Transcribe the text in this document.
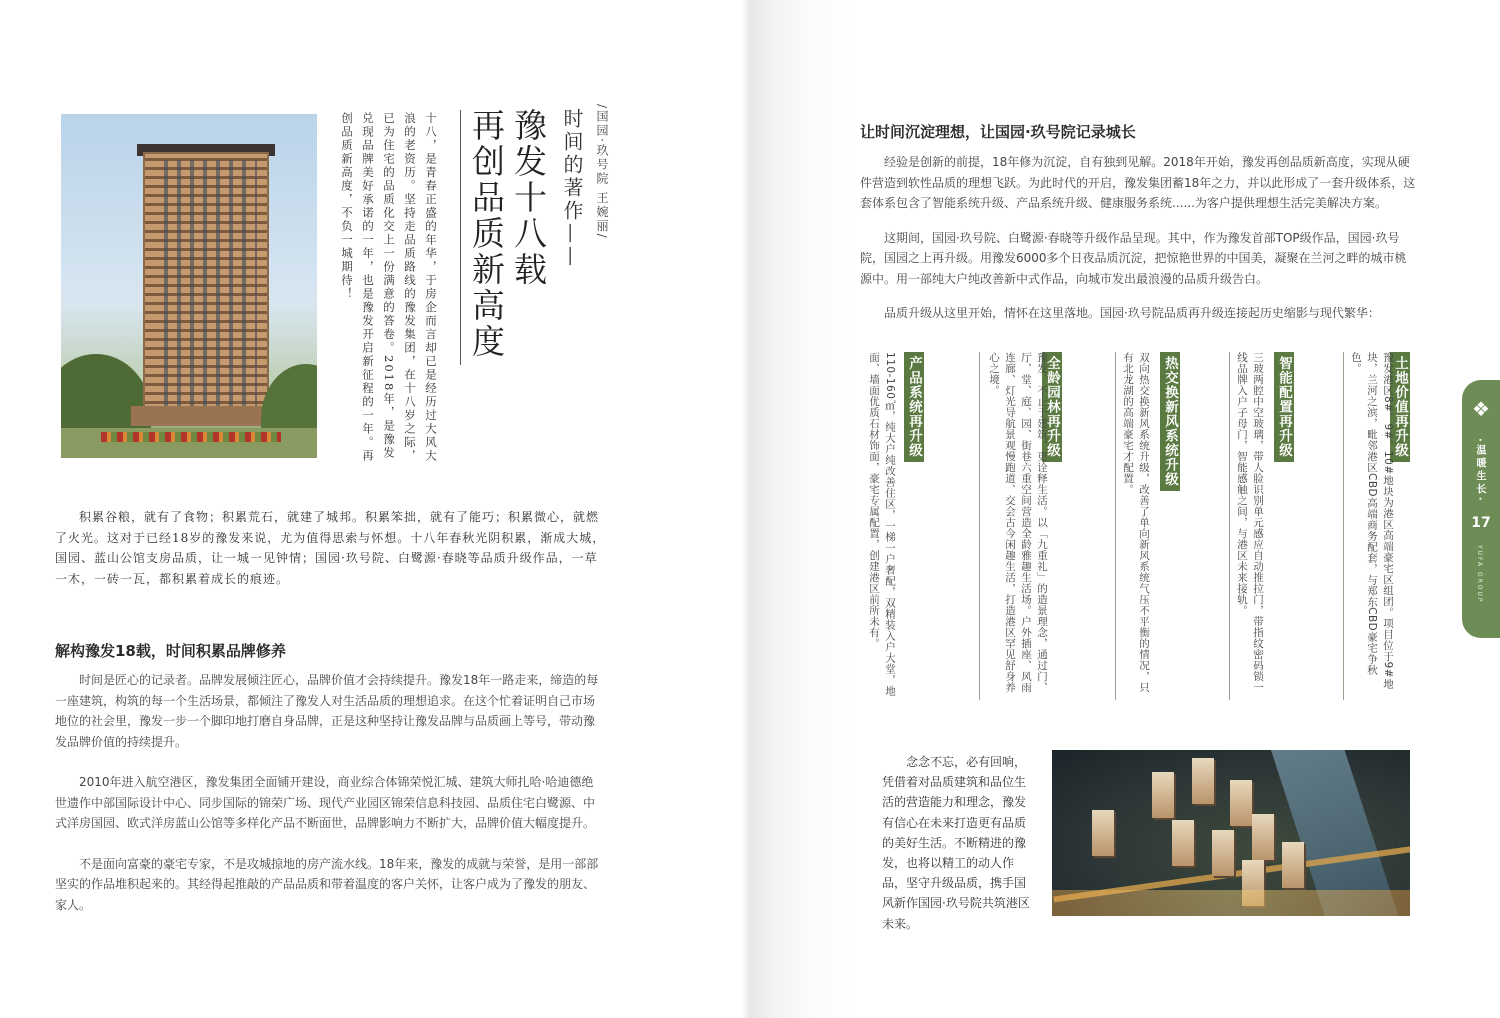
/国园·玖号院 王婉丽/
时间的著作——
豫发十八载
再创品质新高度
十八，是青春正盛的年华，于房企而言却已是经历过大风大浪的老资历。坚持走品质路线的豫发集团，在十八岁之际，已为住宅的品质化交上一份满意的答卷。2018年，是豫发兑现品牌美好承诺的一年，也是豫发开启新征程的一年。再创品质新高度，不负一城期待！
积累谷粮，就有了食物；积累荒石，就建了城邦。积累笨拙，就有了能巧；积累微心，就燃了火光。这对于已经18岁的豫发来说，尤为值得思索与怀想。十八年春秋光阴积累，渐成大城，国园、蓝山公馆支房品质，让一城一见钟情；国园·玖号院、白鹭源·春晓等品质升级作品，一草一木，一砖一瓦，都积累着成长的痕迹。
解构豫发18载，时间积累品牌修养

时间是匠心的记录者。品牌发展倾注匠心，品牌价值才会持续提升。豫发18年一路走来，缔造的每一座建筑，构筑的每一个生活场景，都倾注了豫发人对生活品质的理想追求。在这个忙着证明自己市场地位的社会里，豫发一步一个脚印地打磨自身品牌，正是这种坚持让豫发品牌与品质画上等号，带动豫发品牌价值的持续提升。

2010年进入航空港区，豫发集团全面铺开建设，商业综合体锦荣悦汇城、建筑大师扎哈·哈迪德绝世遗作中部国际设计中心、同步国际的锦荣广场、现代产业园区锦荣信息科技园、品质住宅白鹭源、中式洋房国园、欧式洋房蓝山公馆等多样化产品不断面世，品牌影响力不断扩大，品牌价值大幅度提升。

不是面向富豪的豪宅专家，不是攻城掠地的房产流水线。18年来，豫发的成就与荣誉，是用一部部坚实的作品堆积起来的。其经得起推敲的产品品质和带着温度的客户关怀，让客户成为了豫发的朋友、家人。

让时间沉淀理想，让国园·玖号院记录城长

经验是创新的前提，18年修为沉淀，自有独到见解。2018年开始，豫发再创品质新高度，实现从硬件营造到软性品质的理想飞跃。为此时代的开启，豫发集团蓄18年之力，并以此形成了一套升级体系，这套体系包含了智能系统升级、产品系统升级、健康服务系统......为客户提供理想生活完美解决方案。

这期间，国园·玖号院、白鹭源·春晓等升级作品呈现。其中，作为豫发首部TOP级作品，国园·玖号院，国园之上再升级。用豫发6000多个日夜品质沉淀，把惊艳世界的中国美，凝聚在兰河之畔的城市桃源中。用一部纯大户纯改善新中式作品，向城市发出最浪漫的品质升级告白。

品质升级从这里开始，情怀在这里落地。国园·玖号院品质再升级连接起历史缩影与现代繁华：

土地价值再升级
豫发港区8#、9#、10#地块为港区高端豪宅区组团。项目位于9#地块，兰河之滨，毗邻港区CBD高端商务配套，与郑东CBD豪宅争秋色。
智能配置再升级
三玻两腔中空玻璃，带人脸识别单元感应自动推拉门，带指纹密码锁一线品牌入户子母门，智能感触之间，与港区未来接轨。
热交换新风系统升级
双向热交换新风系统升级，改善了单向新风系统气压不平衡的情况，只有北龙湖的高端豪宅才配置。
全龄园林再升级
豫发，不止于建筑，更诠释生活。以「九重礼」的造景理念，通过门、厅、堂、庭、园、街巷六重空间营造全龄雅趣生活场。户外插座、风雨连廊、灯光导航景观慢跑道、交会古今闲趣生活，打造港区罕见舒身养心之境。
产品系统再升级
110-160㎡，纯大户纯改善住区，一梯一户奢配，双精装入户大堂，地面、墙面优质石材饰面，豪宅专属配置，创建港区前所未有。
念念不忘，必有回响，凭借着对品质建筑和品位生活的营造能力和理念，豫发有信心在未来打造更有品质的美好生活。不断精进的豫发，也将以精工的动人作品，坚守升级品质，携手国风新作国园·玖号院共筑港区未来。
❖
·温暖生长·
17
YUFA GROUP
